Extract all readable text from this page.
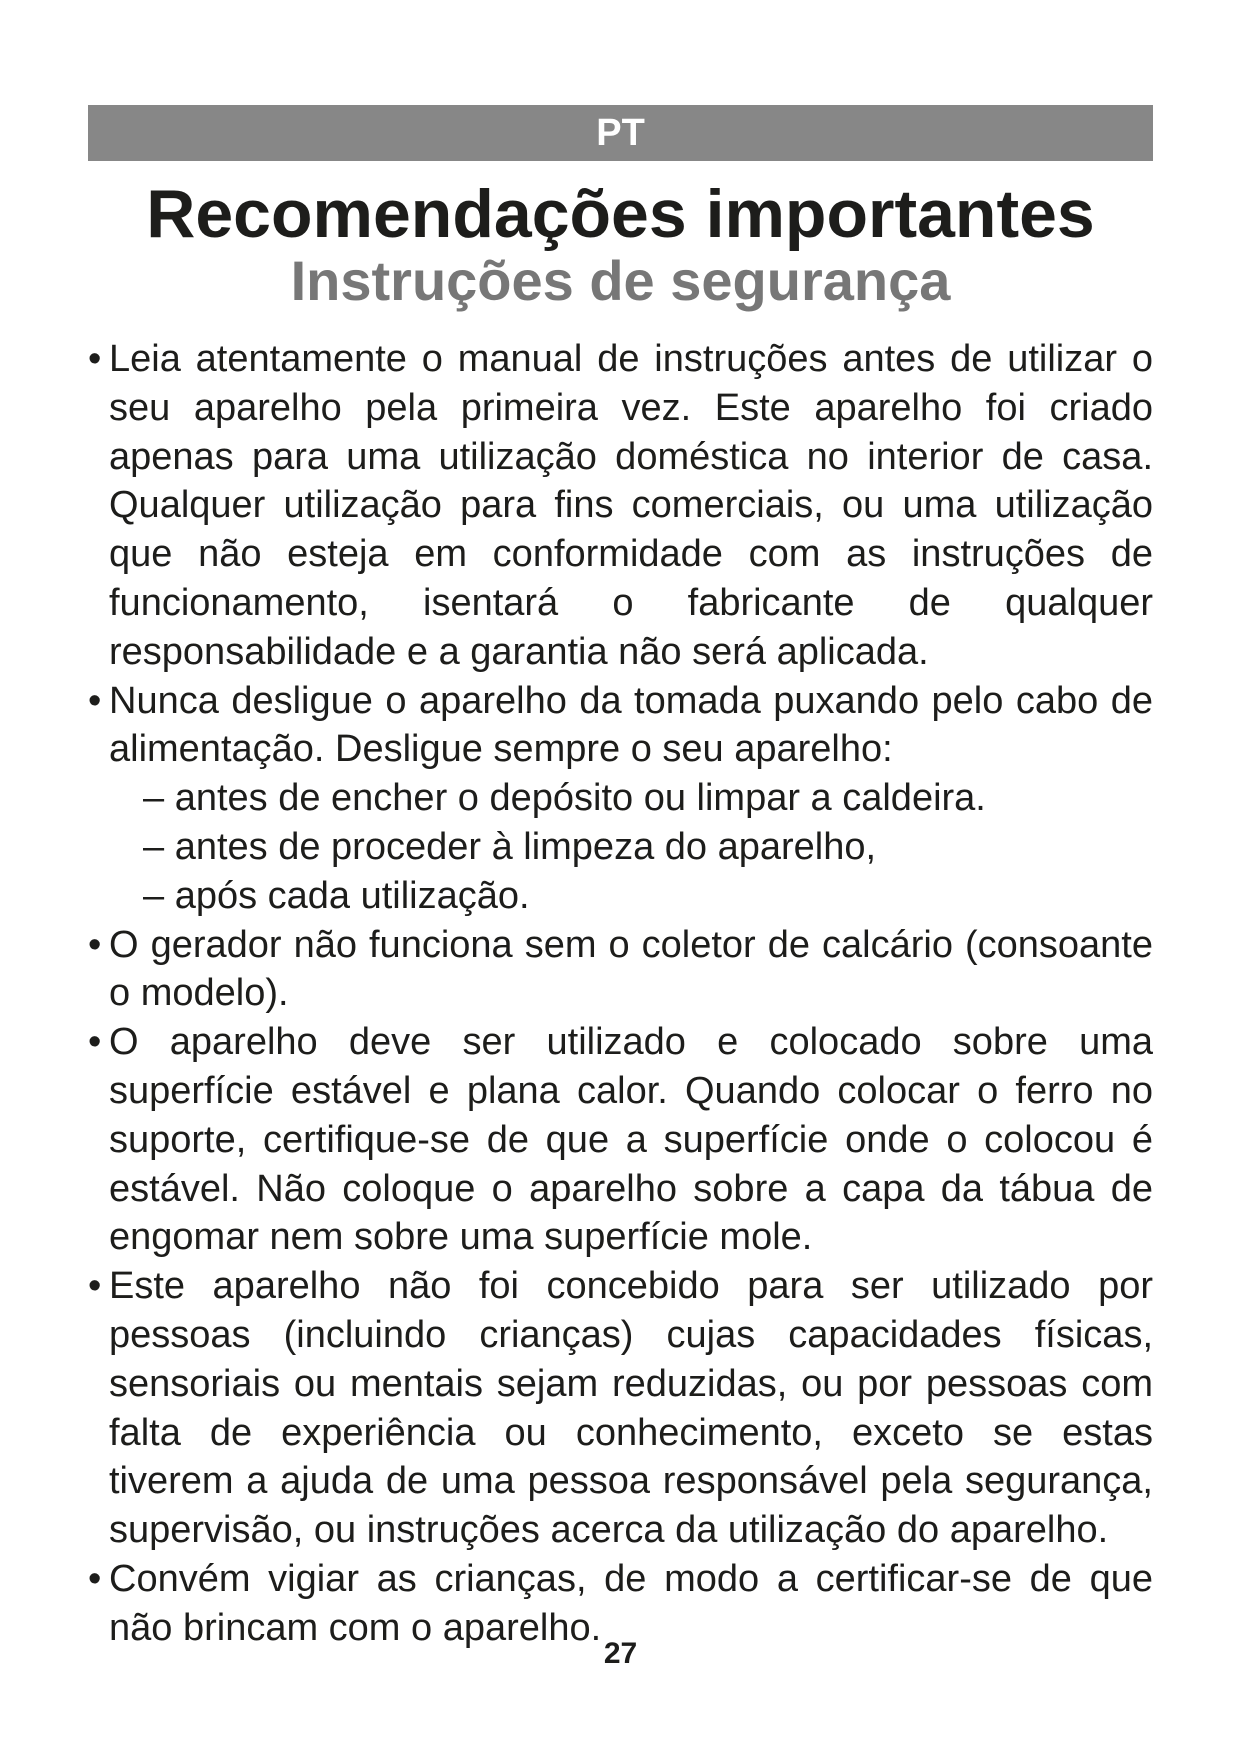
PT
Recomendações importantes
Instruções de segurança
• Leia atentamente o manual de instruções antes de utilizar o seu aparelho pela primeira vez. Este aparelho foi criado apenas para uma utilização doméstica no interior de casa. Qualquer utilização para fins comerciais, ou uma utilização que não esteja em conformidade com as instruções de funcionamento, isentará o fabricante de qualquer responsabilidade e a garantia não será aplicada.
• Nunca desligue o aparelho da tomada puxando pelo cabo de alimentação. Desligue sempre o seu aparelho:
– antes de encher o depósito ou limpar a caldeira.
– antes de proceder à limpeza do aparelho,
– após cada utilização.
• O gerador não funciona sem o coletor de calcário (consoante o modelo).
• O aparelho deve ser utilizado e colocado sobre uma superfície estável e plana calor. Quando colocar o ferro no suporte, certifique-se de que a superfície onde o colocou é estável. Não coloque o aparelho sobre a capa da tábua de engomar nem sobre uma superfície mole.
• Este aparelho não foi concebido para ser utilizado por pessoas (incluindo crianças) cujas capacidades físicas, sensoriais ou mentais sejam reduzidas, ou por pessoas com falta de experiência ou conhecimento, exceto se estas tiverem a ajuda de uma pessoa responsável pela segurança, supervisão, ou instruções acerca da utilização do aparelho.
• Convém vigiar as crianças, de modo a certificar-se de que não brincam com o aparelho.
27
